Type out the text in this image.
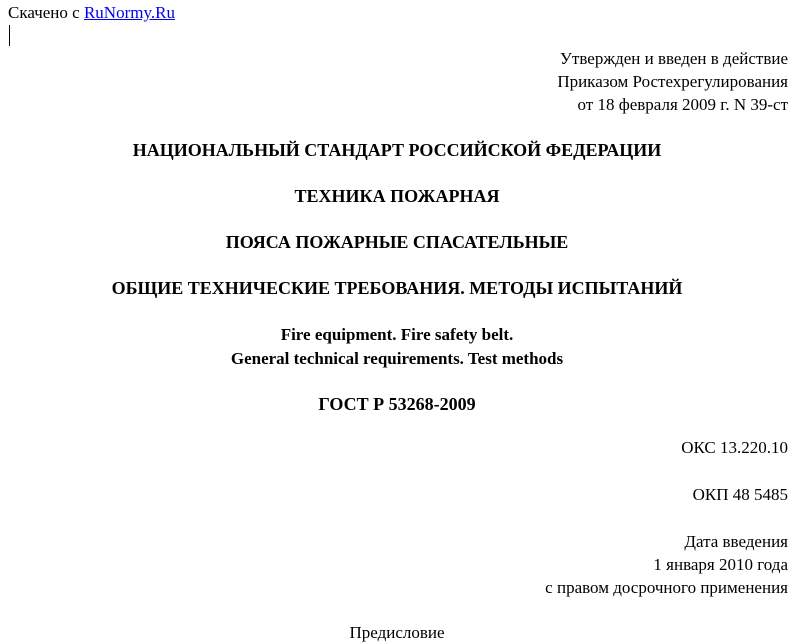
Скачено с RuNormy.Ru
Утвержден и введен в действие
Приказом Ростехрегулирования
от 18 февраля 2009 г. N 39-ст
НАЦИОНАЛЬНЫЙ СТАНДАРТ РОССИЙСКОЙ ФЕДЕРАЦИИ
ТЕХНИКА ПОЖАРНАЯ
ПОЯСА ПОЖАРНЫЕ СПАСАТЕЛЬНЫЕ
ОБЩИЕ ТЕХНИЧЕСКИЕ ТРЕБОВАНИЯ. МЕТОДЫ ИСПЫТАНИЙ
Fire equipment. Fire safety belt.
General technical requirements. Test methods
ГОСТ Р 53268-2009
ОКС 13.220.10
ОКП 48 5485
Дата введения
1 января 2010 года
с правом досрочного применения
Предисловие
